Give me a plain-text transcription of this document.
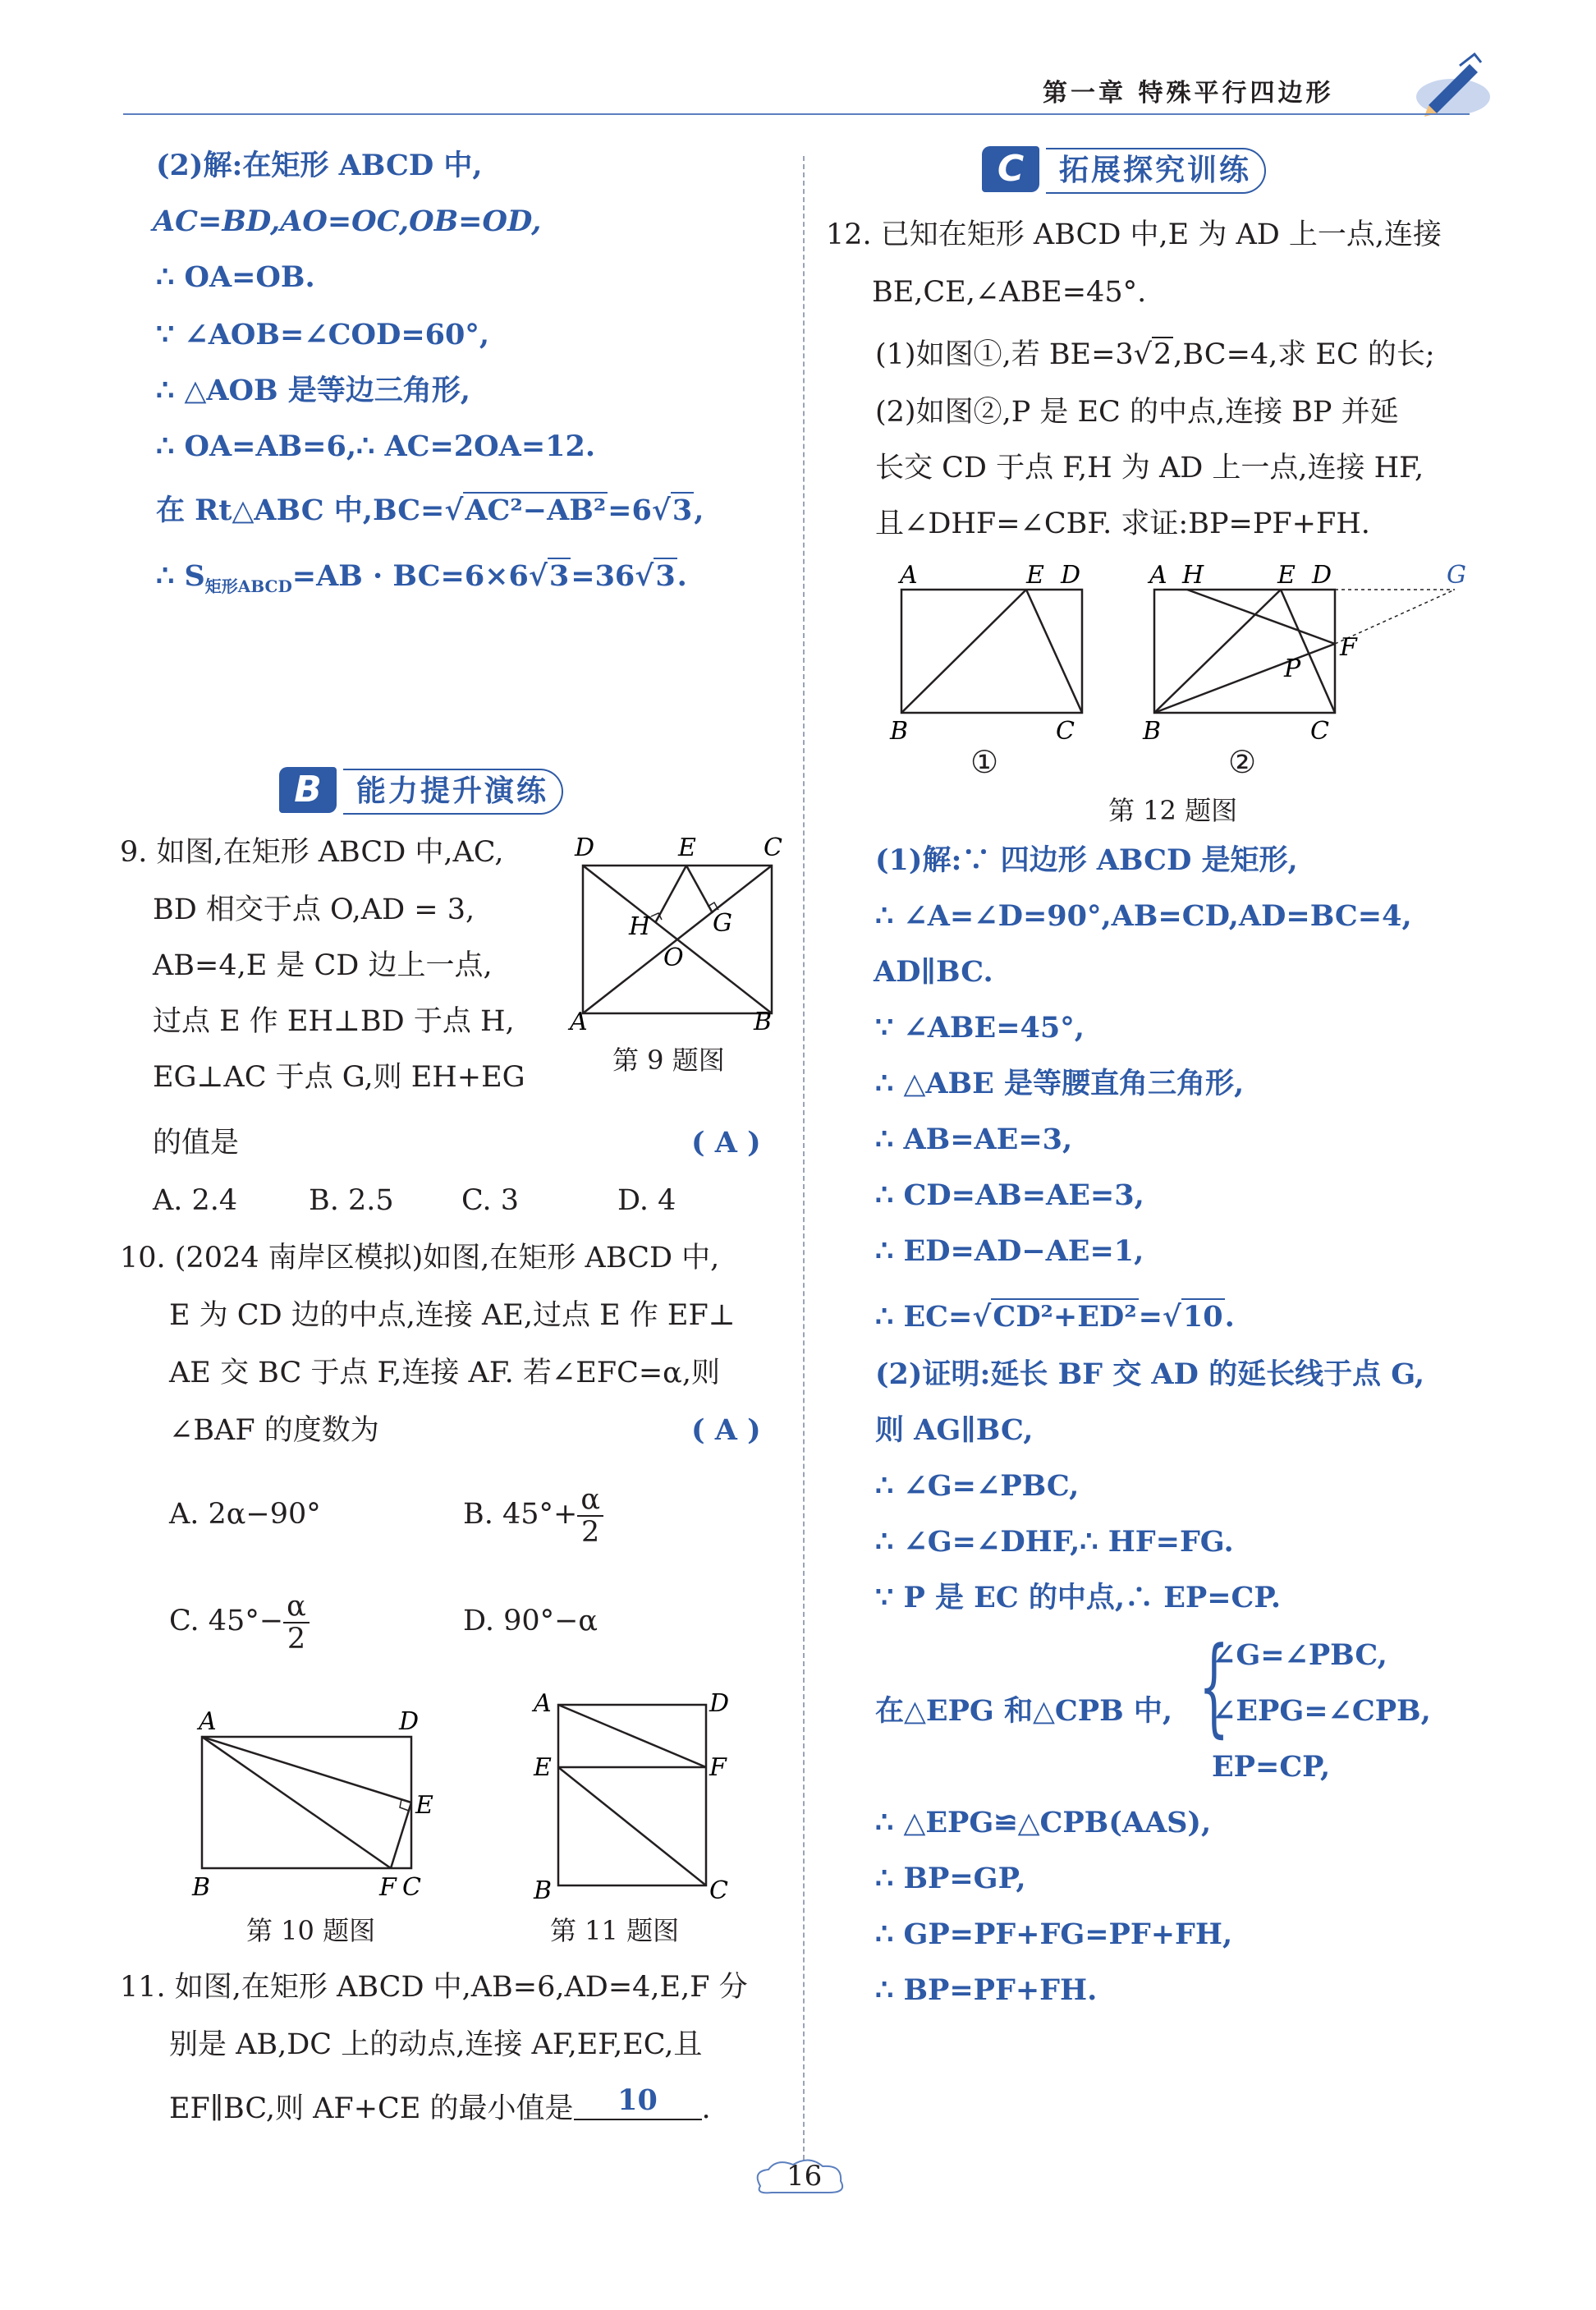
第一章 特殊平行四边形
(2)解:在矩形 ABCD 中,
AC=BD,AO=OC,OB=OD,
∴ OA=OB.
∵ ∠AOB=∠COD=60°,
∴ △AOB 是等边三角形,
∴ OA=AB=6,∴ AC=2OA=12.
在 Rt△ABC 中,BC=√AC²−AB²=6√3,
∴ $S_{矩形ABCD}=AB \cdot BC=6\times 6√3=36√3$.
B	能力提升演练
9. 如图,在矩形 ABCD 中,AC,
BD 相交于点 O,AD = 3,
AB=4,E 是 CD 边上一点,
过点 E 作 EH⊥BD 于点 H,
EG⊥AC 于点 G,则 EH+EG
的值是	( A )
A. 2.4 B. 2.5 C. 3	D. 4
D	E	C
H	G
O
A	B
第 9 题图
10. (2024 南岸区模拟)如图,在矩形 ABCD 中,
E 为 CD 边的中点,连接 AE,过点 E 作 EF⊥
AE 交 BC 于点 F,连接 AF. 若∠EFC=α,则
∠BAF 的度数为	( A )
A. 2α−90°	B. $45^\circ+ \frac{\alpha}{2}$
C. $45^\circ- \frac{\alpha}{2}$	D. 90°−α
A	D
E
B	F C
第 10 题图
A	D
E	F
B	C
第 11 题图
11. 如图,在矩形 ABCD 中,AB=6,AD=4,E,F 分
别是 AB,DC 上的动点,连接 AF,EF,EC,且
EF∥BC,则 AF+CE 的最小值是 10 .
C	拓展探究训练
12. 已知在矩形 ABCD 中,E 为 AD 上一点,连接
BE,CE,∠ABE=45°.
(1)如图①,若 BE=3√2,BC=4,求 EC 的长;
(2)如图②,P 是 EC 的中点,连接 BP 并延
长交 CD 于点 F,H 为 AD 上一点,连接 HF,
且∠DHF=∠CBF. 求证:BP=PF+FH.
A	E D
B	C
①
A H	E D	G
F
P
B	C
②
第 12 题图
(1)解:∵ 四边形 ABCD 是矩形,
∴ ∠A=∠D=90°,AB=CD,AD=BC=4,
AD∥BC.
∵ ∠ABE=45°,
∴ △ABE 是等腰直角三角形,
∴ AB=AE=3,
∴ CD=AB=AE=3,
∴ ED=AD−AE=1,
∴ EC=√CD²+ED²=√10.
(2)证明:延长 BF 交 AD 的延长线于点 G,
则 AG∥BC,
∴ ∠G=∠PBC,
∴ ∠G=∠DHF,∴ HF=FG.
∵ P 是 EC 的中点,∴ EP=CP.
在△EPG 和△CPB 中, {
∠G=∠PBC,
∠EPG=∠CPB,
EP=CP,
∴ △EPG≌△CPB(AAS),
∴ BP=GP,
∴ GP=PF+FG=PF+FH,
∴ BP=PF+FH.
16
